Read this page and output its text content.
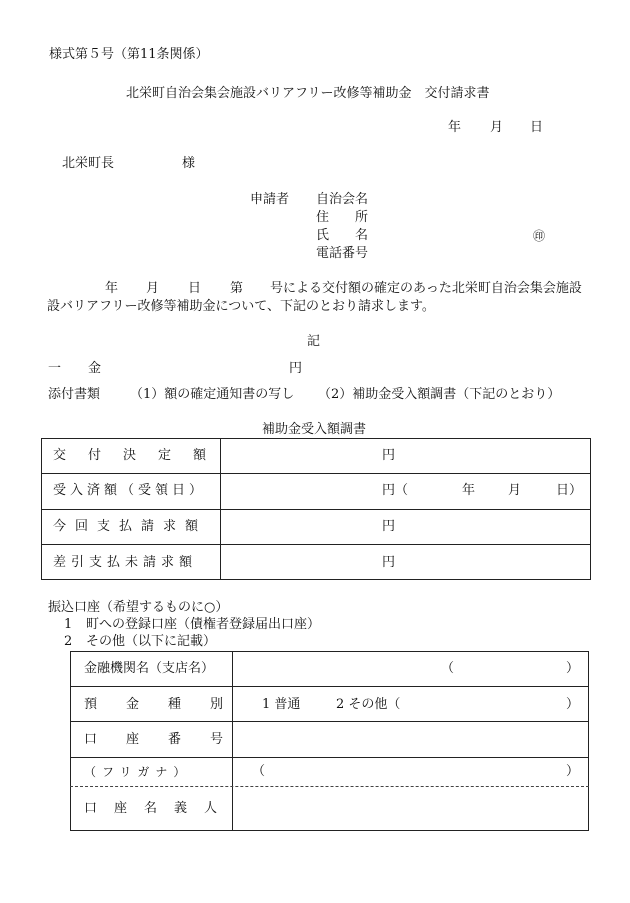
様式第５号（第11条関係）
北栄町自治会集会施設バリアフリー改修等補助金　交付請求書
年 月 日
北栄町長	様
申請者 自治会名
住 所
氏 名	㊞
電話番号
年 月 日 第 号による交付額の確定のあった北栄町自治会集会施設
設バリアフリー改修等補助金について、下記のとおり請求します。
記
一 金	円
添付書類 （1）額の確定通知書の写し （2）補助金受入額調書（下記のとおり）
補助金受入額調書
交付決定額	円
受入済額（受領日）	円（	年	月	日）
今回支払請求額	円
差引支払未請求額	円
振込口座（希望するものに○）
1 町への登録口座（債権者登録届出口座）
2 その他（以下に記載）
金融機関名（支店名）	（	）
預金種別 1 普通	2 その他（	）
口座番号
（フリガナ）	（	）
口座名義人
